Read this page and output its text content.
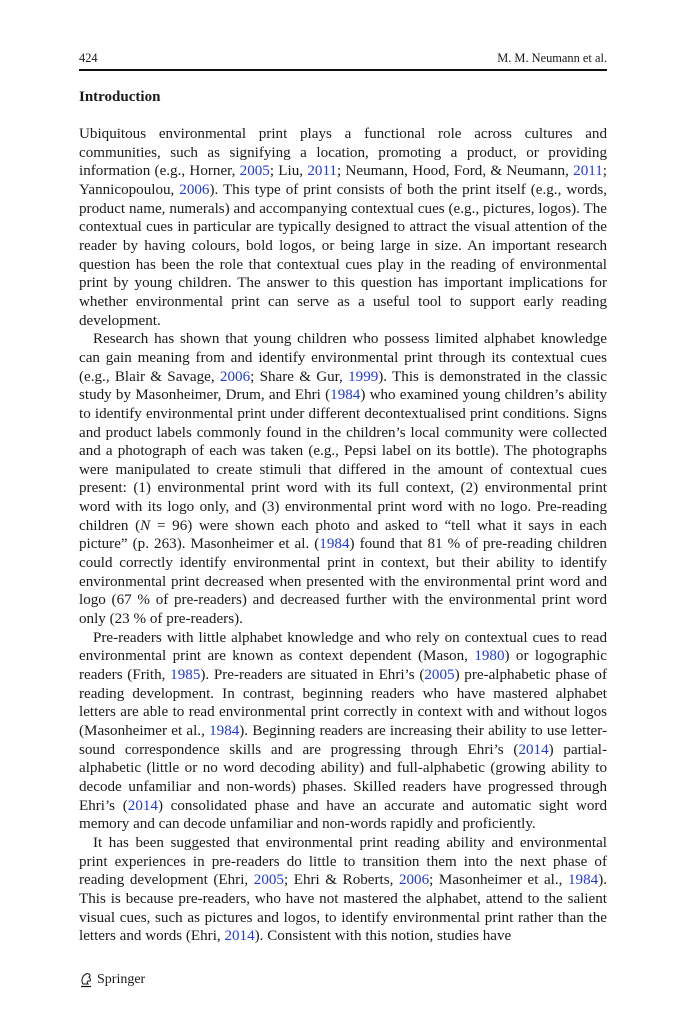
424	M. M. Neumann et al.
Introduction

Ubiquitous environmental print plays a functional role across cultures and communities, such as signifying a location, promoting a product, or providing information (e.g., Horner, 2005; Liu, 2011; Neumann, Hood, Ford, & Neumann, 2011; Yannicopoulou, 2006). This type of print consists of both the print itself (e.g., words, product name, numerals) and accompanying contextual cues (e.g., pictures, logos). The contextual cues in particular are typically designed to attract the visual attention of the reader by having colours, bold logos, or being large in size. An important research question has been the role that contextual cues play in the reading of environmental print by young children. The answer to this question has important implications for whether environmental print can serve as a useful tool to support early reading development.

Research has shown that young children who possess limited alphabet knowledge can gain meaning from and identify environmental print through its contextual cues (e.g., Blair & Savage, 2006; Share & Gur, 1999). This is demonstrated in the classic study by Masonheimer, Drum, and Ehri (1984) who examined young children’s ability to identify environmental print under different decontextualised print conditions. Signs and product labels commonly found in the children’s local community were collected and a photograph of each was taken (e.g., Pepsi label on its bottle). The photographs were manipulated to create stimuli that differed in the amount of contextual cues present: (1) environmental print word with its full context, (2) environmental print word with its logo only, and (3) environmental print word with no logo. Pre-reading children (N = 96) were shown each photo and asked to “tell what it says in each picture” (p. 263). Masonheimer et al. (1984) found that 81 % of pre-reading children could correctly identify environmental print in context, but their ability to identify environmental print decreased when presented with the environmental print word and logo (67 % of pre-readers) and decreased further with the environmental print word only (23 % of pre-readers).

Pre-readers with little alphabet knowledge and who rely on contextual cues to read environmental print are known as context dependent (Mason, 1980) or logographic readers (Frith, 1985). Pre-readers are situated in Ehri’s (2005) pre-alphabetic phase of reading development. In contrast, beginning readers who have mastered alphabet letters are able to read environmental print correctly in context with and without logos (Masonheimer et al., 1984). Beginning readers are increasing their ability to use letter-sound correspondence skills and are progressing through Ehri’s (2014) partial-alphabetic (little or no word decoding ability) and full-alphabetic (growing ability to decode unfamiliar and non-words) phases. Skilled readers have progressed through Ehri’s (2014) consolidated phase and have an accurate and automatic sight word memory and can decode unfamiliar and non-words rapidly and proficiently.

It has been suggested that environmental print reading ability and environmental print experiences in pre-readers do little to transition them into the next phase of reading development (Ehri, 2005; Ehri & Roberts, 2006; Masonheimer et al., 1984). This is because pre-readers, who have not mastered the alphabet, attend to the salient visual cues, such as pictures and logos, to identify environmental print rather than the letters and words (Ehri, 2014). Consistent with this notion, studies have

Springer
